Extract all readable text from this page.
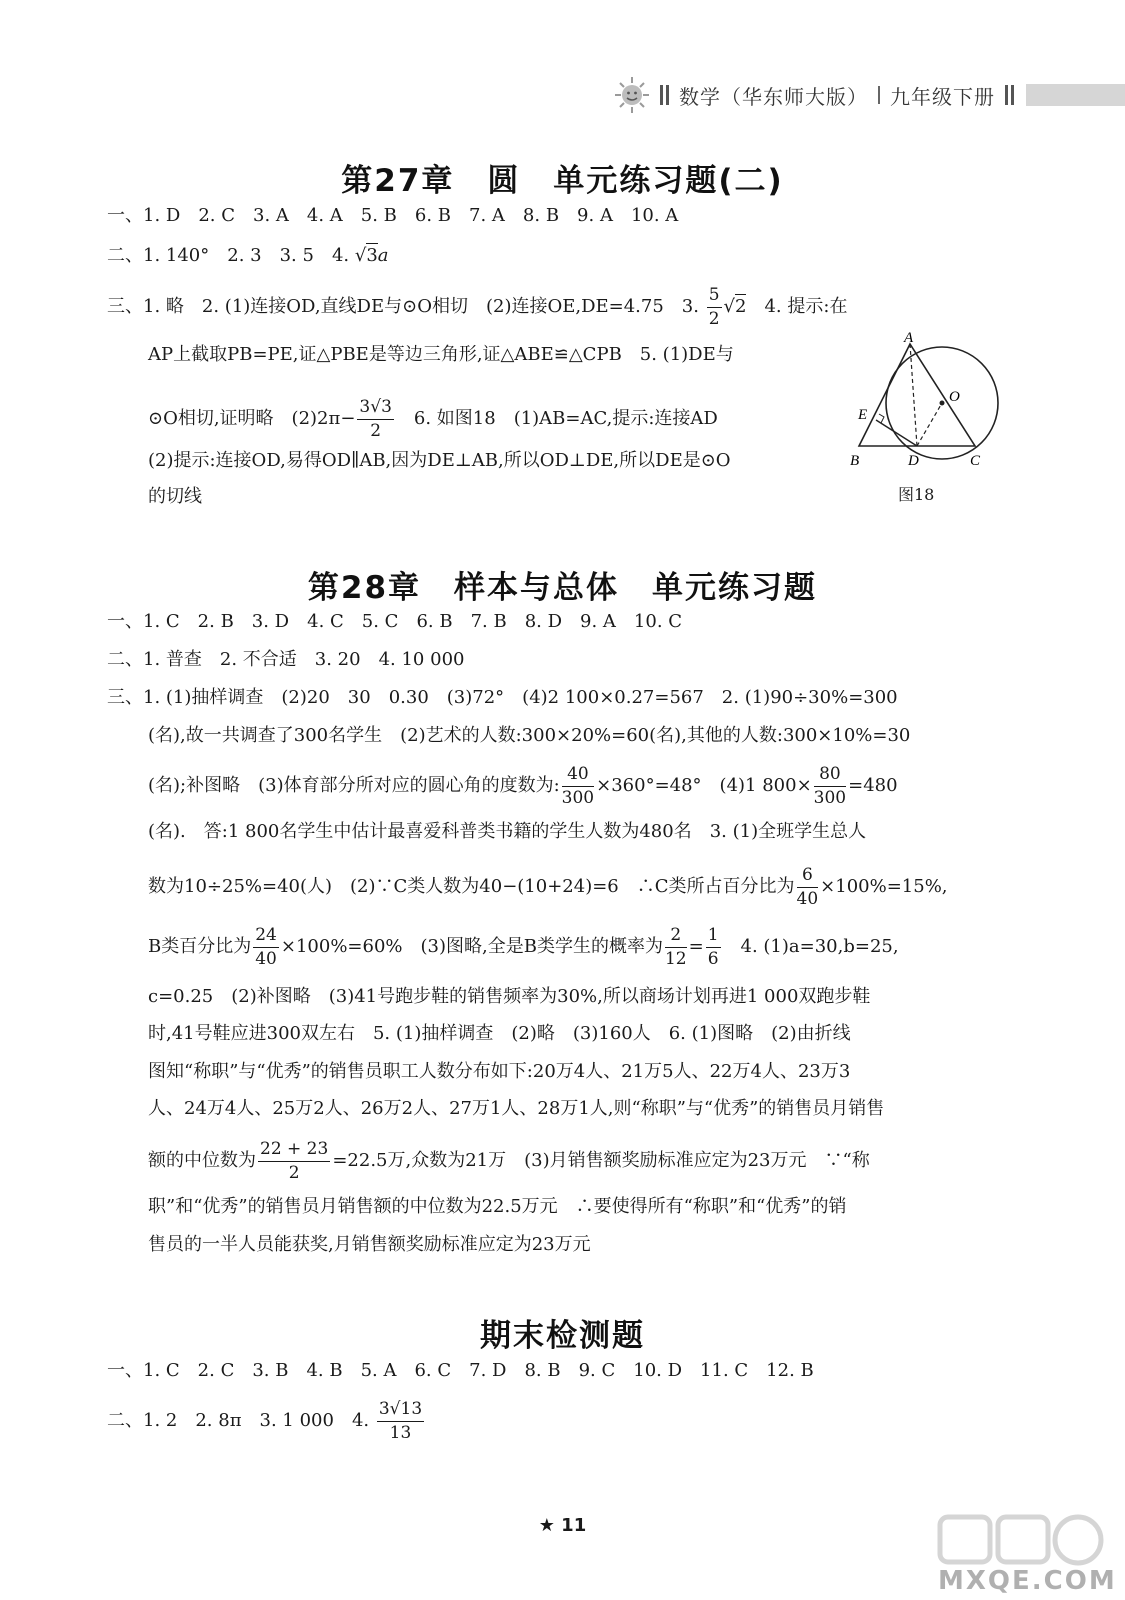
数学（华东师大版） 九年级下册
第27章　圆　单元练习题(二)
一、1. D　2. C　3. A　4. A　5. B　6. B　7. A　8. B　9. A　10. A
二、1. 140°　2. 3　3. 5　4. √3a
三、1. 略　2. (1)连接OD,直线DE与⊙O相切　(2)连接OE,DE=4.75　3. $\frac{5}{2} √2$　4. 提示:在
AP上截取PB=PE,证△PBE是等边三角形,证△ABE≌△CPB　5. (1)DE与
⊙O相切,证明略　$(2)2\pi- \frac{3√3}{2}$ 　6. 如图18　(1)AB=AC,提示:连接AD
(2)提示:连接OD,易得OD∥AB,因为DE⊥AB,所以OD⊥DE,所以DE是⊙O
的切线
A
O
E
B	D	C
图18
第28章　样本与总体　单元练习题
一、1. C　2. B　3. D　4. C　5. C　6. B　7. B　8. D　9. A　10. C
二、1. 普查　2. 不合适　3. 20　4. 10 000
三、1. (1)抽样调查　(2)20　30　0.30　(3)72°　(4)2 100×0.27=567　2. (1)90÷30%=300
(名),故一共调查了300名学生　(2)艺术的人数:300×20%=60(名),其他的人数:300×10%=30
(名);补图略　(3)体育部分所对应的圆心角的度数为: $\frac{40}{300} \times 360^\circ=48^\circ$　(4)1 $800\times \frac{80}{300} =480$
(名).　答:1 800名学生中估计最喜爱科普类书籍的学生人数为480名　3. (1)全班学生总人
数为10÷25%=40(人)　(2)∵C类人数为40−(10+24)=6　∴C类所占百分比为 $\frac{6}{40} \times 100\%=15\%$,
B类百分比为 $\frac{24}{40} \times 100\%=60\%$　(3)图略,全是B类学生的概率为 $\frac{2}{12} = \frac{1}{6}$ 　4. (1)a=30,b=25,
c=0.25　(2)补图略　(3)41号跑步鞋的销售频率为30%,所以商场计划再进1 000双跑步鞋
时,41号鞋应进300双左右　5. (1)抽样调查　(2)略　(3)160人　6. (1)图略　(2)由折线
图知“称职”与“优秀”的销售员职工人数分布如下:20万4人、21万5人、22万4人、23万3
人、24万4人、25万2人、26万2人、27万1人、28万1人,则“称职”与“优秀”的销售员月销售
额的中位数为 $\frac{22 + 23}{2} =22.5$万,众数为21万　(3)月销售额奖励标准应定为23万元　∵“称
职”和“优秀”的销售员月销售额的中位数为22.5万元　∴要使得所有“称职”和“优秀”的销
售员的一半人员能获奖,月销售额奖励标准应定为23万元
期末检测题
一、1. C　2. C　3. B　4. B　5. A　6. C　7. D　8. B　9. C　10. D　11. C　12. B
二、1. 2　2. 8π　3. 1 000　4. $\frac{3√13}{13}$
★ 11
MXQE.COM
